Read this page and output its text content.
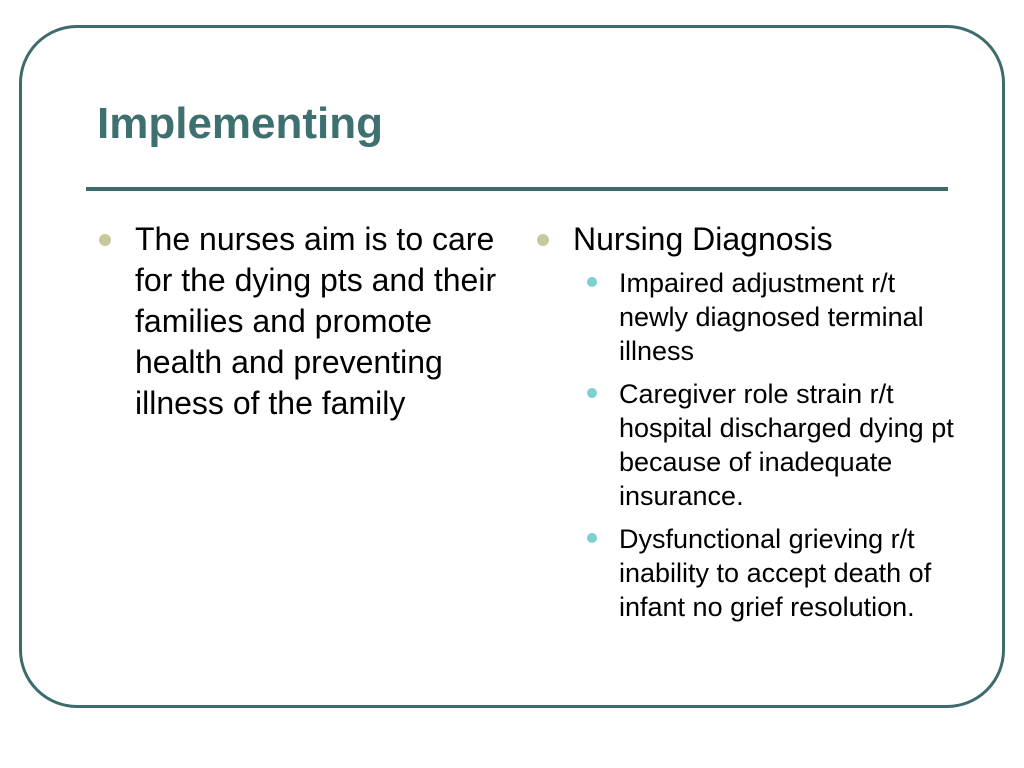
Implementing
The nurses aim is to care for the dying pts and their families and promote health and preventing illness of the family
Nursing Diagnosis
Impaired adjustment r/t newly diagnosed terminal illness
Caregiver role strain r/t hospital discharged dying pt because of inadequate insurance.
Dysfunctional grieving r/t inability to accept death of infant no grief resolution.
